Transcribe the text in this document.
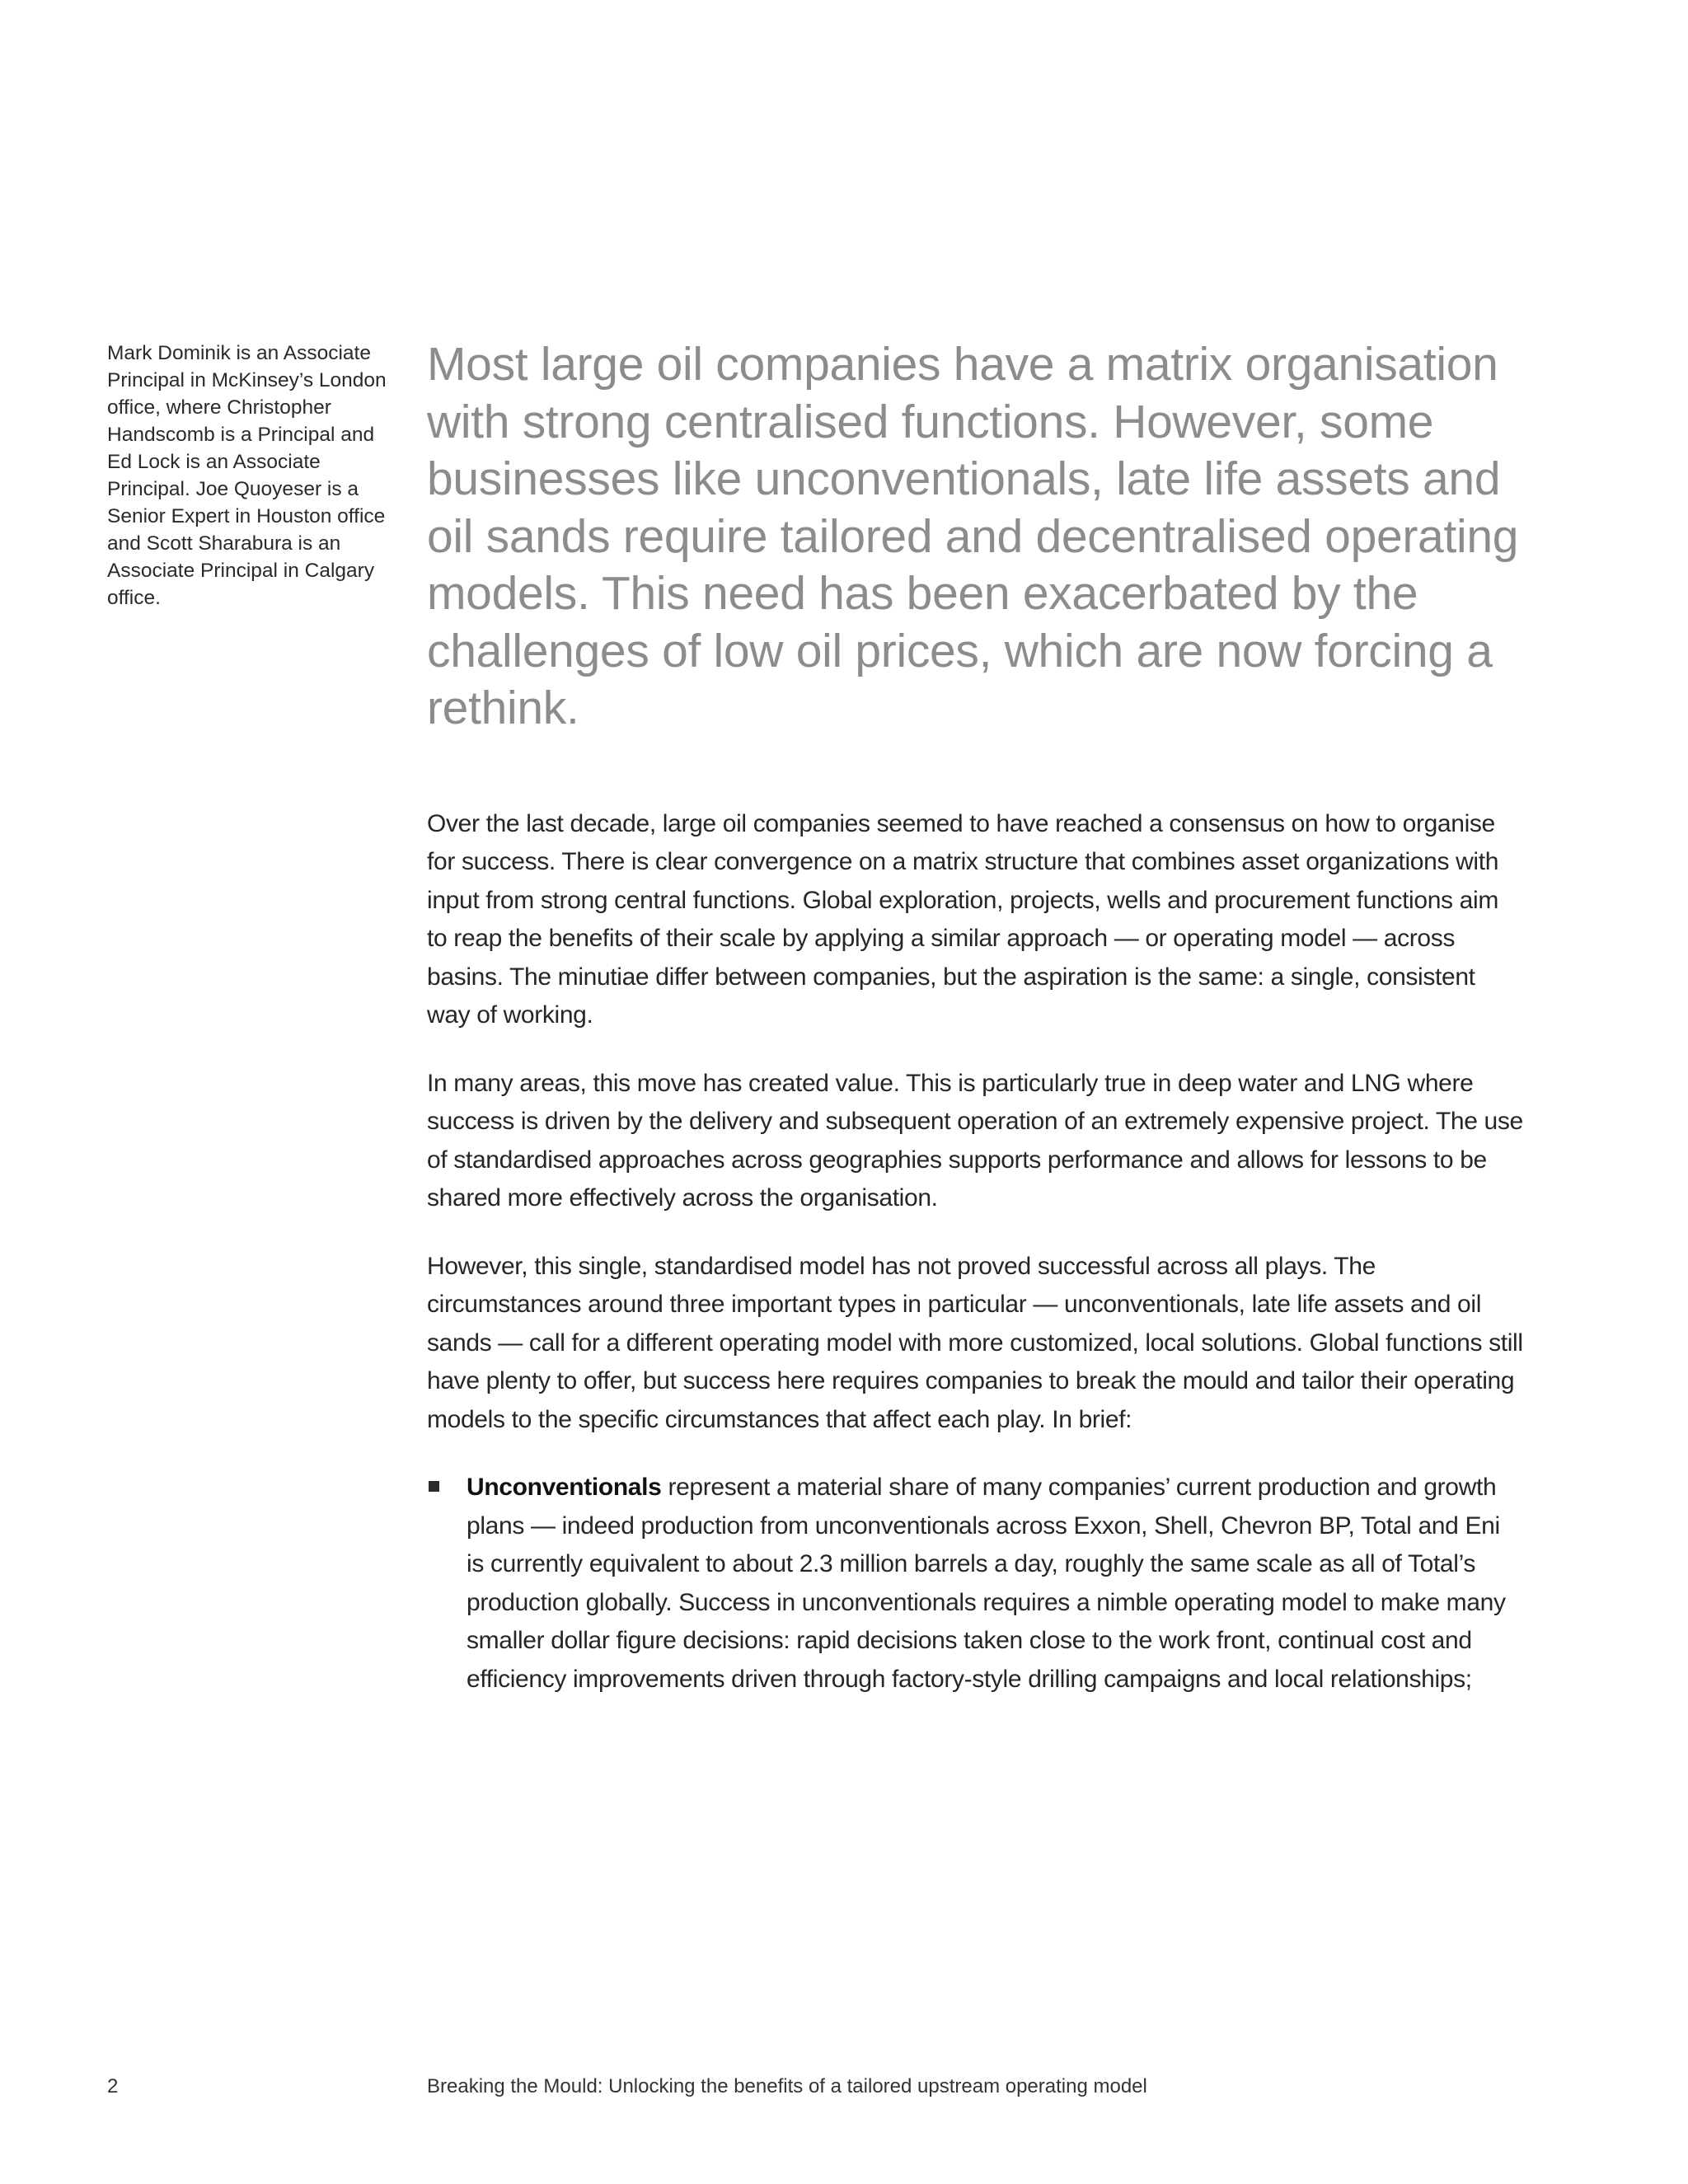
Mark Dominik is an Associate Principal in McKinsey’s London office, where Christopher Handscomb is a Principal and Ed Lock is an Associate Principal. Joe Quoyeser is a Senior Expert in Houston office and Scott Sharabura is an Associate Principal in Calgary office.

Most large oil companies have a matrix organisation with strong centralised functions. However, some businesses like unconventionals, late life assets and oil sands require tailored and decentralised operating models. This need has been exacerbated by the challenges of low oil prices, which are now forcing a rethink.

Over the last decade, large oil companies seemed to have reached a consensus on how to organise for success. There is clear convergence on a matrix structure that combines asset organizations with input from strong central functions. Global exploration, projects, wells and procurement functions aim to reap the benefits of their scale by applying a similar approach — or operating model — across basins. The minutiae differ between companies, but the aspiration is the same: a single, consistent way of working.

In many areas, this move has created value. This is particularly true in deep water and LNG where success is driven by the delivery and subsequent operation of an extremely expensive project. The use of standardised approaches across geographies supports performance and allows for lessons to be shared more effectively across the organisation.

However, this single, standardised model has not proved successful across all plays. The circumstances around three important types in particular — unconventionals, late life assets and oil sands — call for a different operating model with more customized, local solutions. Global functions still have plenty to offer, but success here requires companies to break the mould and tailor their operating models to the specific circumstances that affect each play. In brief:

Unconventionals represent a material share of many companies’ current production and growth plans — indeed production from unconventionals across Exxon, Shell, Chevron BP, Total and Eni is currently equivalent to about 2.3 million barrels a day, roughly the same scale as all of Total’s production globally. Success in unconventionals requires a nimble operating model to make many smaller dollar figure decisions: rapid decisions taken close to the work front, continual cost and efficiency improvements driven through factory-style drilling campaigns and local relationships;
2	Breaking the Mould: Unlocking the benefits of a tailored upstream operating model
